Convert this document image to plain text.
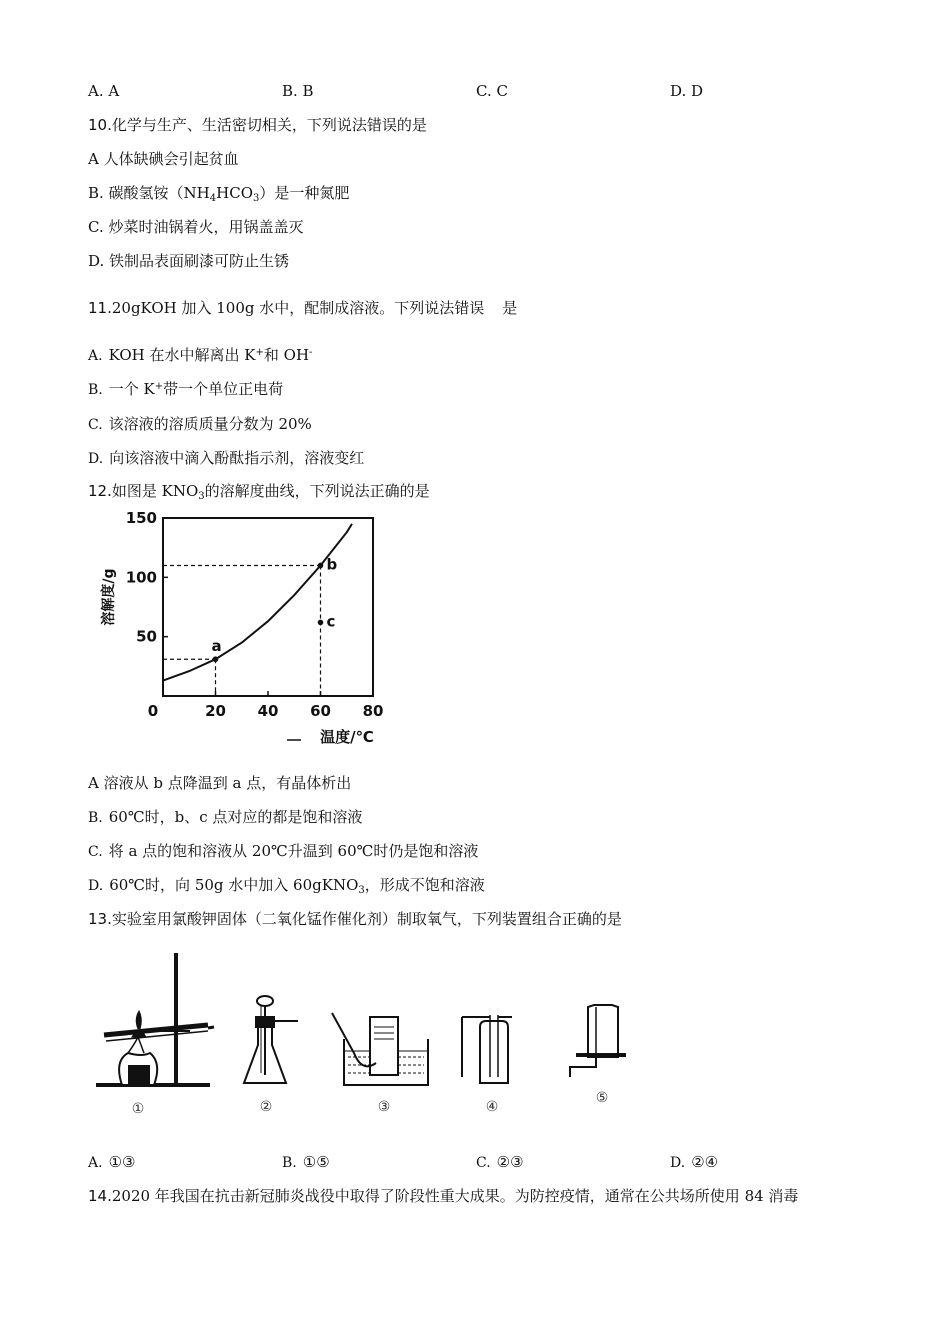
A. A	B. B	C. C	D. D
10.化学与生产、生活密切相关，下列说法错误的是
A 人体缺碘会引起贫血
B. 碳酸氢铵$(NH_4HCO_3)$是一种氮肥
C. 炒菜时油锅着火，用锅盖盖灭
D. 铁制品表面刷漆可防止生锈
11.20gKOH 加入 100g 水中，配制成溶液。下列说法错误 是
A. KOH 在水中解离出 K+和 OH-
B. 一个 K+带一个单位正电荷
C. 该溶液的溶质质量分数为 20%
D. 向该溶液中滴入酚酞指示剂，溶液变红
12.如图是 $KNO_3$的溶解度曲线，下列说法正确的是
0	20 40 60 80
50
100
150
溶解度/g
温度/℃
a
b
c
A 溶液从 b 点降温到 a 点，有晶体析出
B. 60℃时，b、c 点对应的都是饱和溶液
C. 将 a 点的饱和溶液从 20℃升温到 60℃时仍是饱和溶液
D. 60℃时，向 50g 水中加入 60gKNO$_3$，形成不饱和溶液
13.实验室用氯酸钾固体（二氧化锰作催化剂）制取氧气，下列装置组合正确的是
①	②	③	④
⑤
A. ①③	B. ①⑤	C. ②③	D. ②④
14.2020 年我国在抗击新冠肺炎战役中取得了阶段性重大成果。为防控疫情，通常在公共场所使用 84 消毒
